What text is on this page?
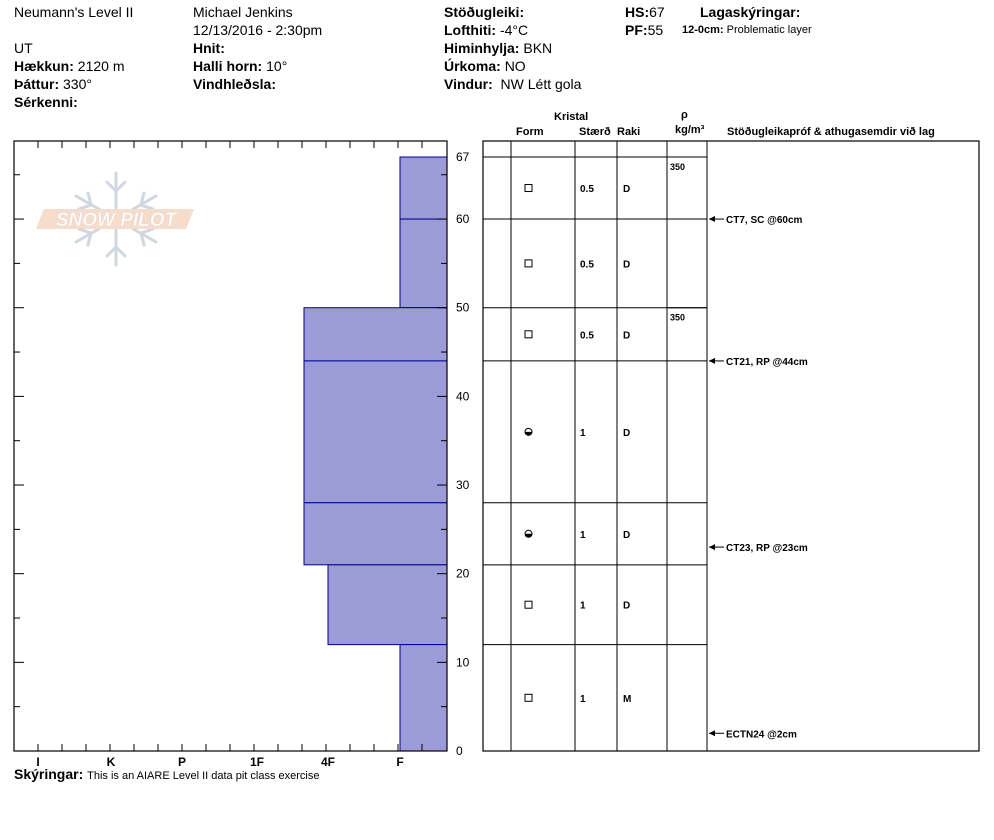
Neumann's Level II
UT
Hækkun: 2120 m
Þáttur: 330°
Sérkenni:
Michael Jenkins
12/13/2016 - 2:30pm
Hnit:
Halli horn: 10°
Vindhleðsla:
Stöðugleiki:
Lofthiti: -4°C
Himinhylja: BKN
Úrkoma: NO
Vindur: NW Létt gola
HS:67
PF:55
Lagaskýringar:
12-0cm: Problematic layer
Kristal
Form	Stærð Raki
ρ
kg/m³ Stöðugleikapróf & athugasemdir við lag
SNOW PILOT
0
10
20
30
40
50
60
67
I	K	P	1F	4F	F
0.5	D
350
0.5	D
0.5	D
350
1	D
1	D
1	D
1	M
CT7, SC @60cm
CT21, RP @44cm
CT23, RP @23cm
ECTN24 @2cm
Skýringar: This is an AIARE Level II data pit class exercise
